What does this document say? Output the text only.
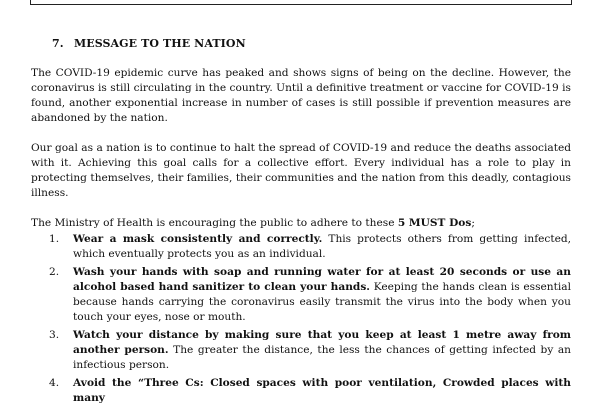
7. MESSAGE TO THE NATION

The COVID-19 epidemic curve has peaked and shows signs of being on the decline. However, the coronavirus is still circulating in the country. Until a definitive treatment or vaccine for COVID-19 is found, another exponential increase in number of cases is still possible if prevention measures are abandoned by the nation.

Our goal as a nation is to continue to halt the spread of COVID-19 and reduce the deaths associated with it. Achieving this goal calls for a collective effort. Every individual has a role to play in protecting themselves, their families, their communities and the nation from this deadly, contagious illness.

The Ministry of Health is encouraging the public to adhere to these 5 MUST Dos;

1. Wear a mask consistently and correctly. This protects others from getting infected, which eventually protects you as an individual.
2. Wash your hands with soap and running water for at least 20 seconds or use an alcohol based hand sanitizer to clean your hands. Keeping the hands clean is essential because hands carrying the coronavirus easily transmit the virus into the body when you touch your eyes, nose or mouth.
3. Watch your distance by making sure that you keep at least 1 metre away from another person. The greater the distance, the less the chances of getting infected by an infectious person.
4. Avoid the “Three Cs: Closed spaces with poor ventilation, Crowded places with many
